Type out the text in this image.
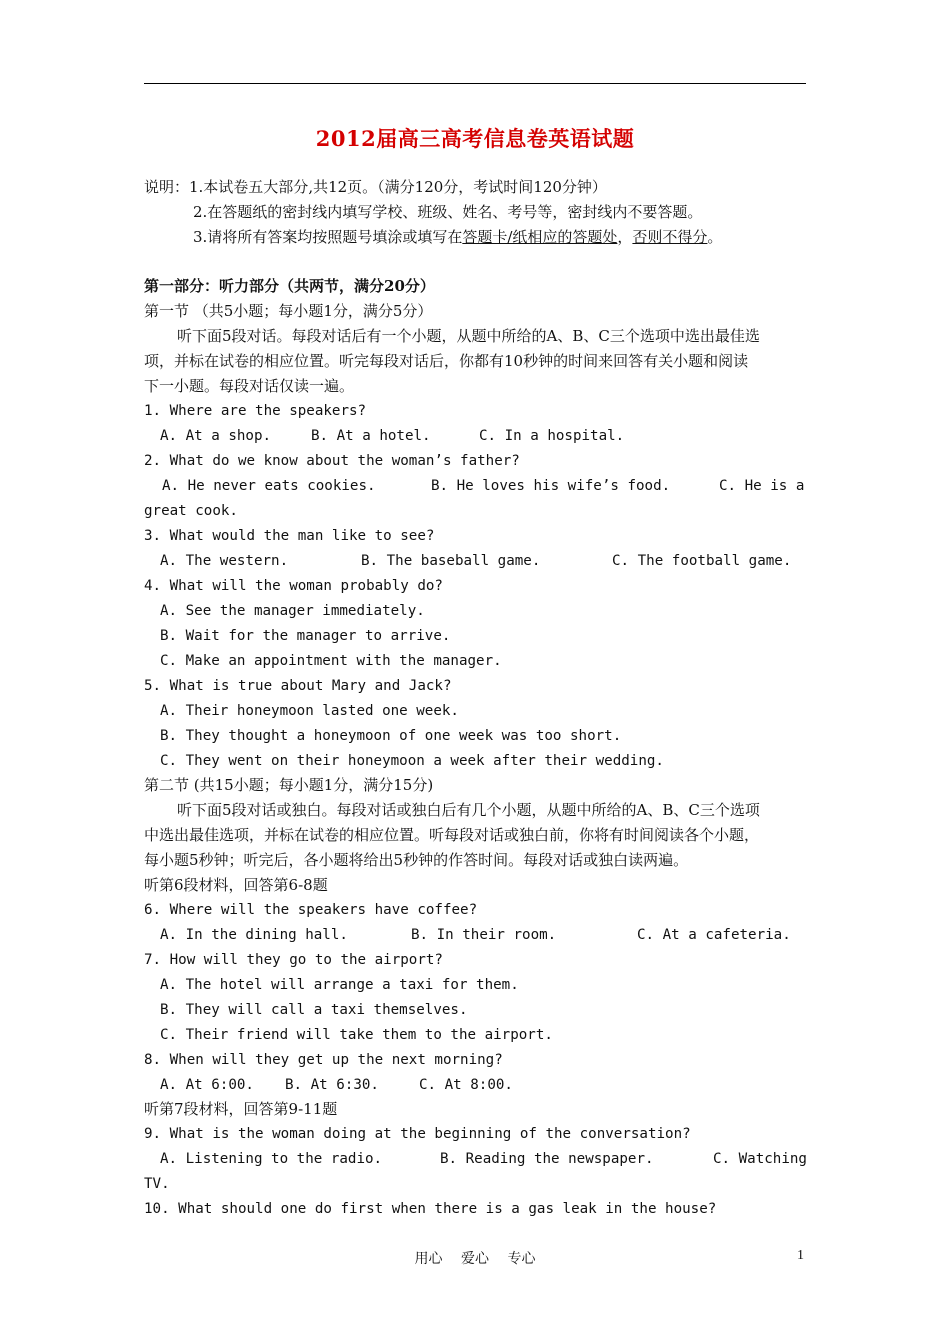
2012届高三高考信息卷英语试题
说明：1.本试卷五大部分,共12页。（满分120分，考试时间120分钟）
2.在答题纸的密封线内填写学校、班级、姓名、考号等，密封线内不要答题。
3.请将所有答案均按照题号填涂或填写在答题卡/纸相应的答题处，否则不得分。
第一部分：听力部分（共两节，满分20分）
第一节 （共5小题；每小题1分，满分5分）
听下面5段对话。每段对话后有一个小题，从题中所给的A、B、C三个选项中选出最佳选
项，并标在试卷的相应位置。听完每段对话后，你都有10秒钟的时间来回答有关小题和阅读
下一小题。每段对话仅读一遍。
1. Where are the speakers?
A. At a shop.	B. At a hotel.	C. In a hospital.
2. What do we know about the woman’s father?
A. He never eats cookies.	B. He loves his wife’s food.	C. He is a
great cook.
3. What would the man like to see?
A. The western.	B. The baseball game.	C. The football game.
4. What will the woman probably do?
A. See the manager immediately.
B. Wait for the manager to arrive.
C. Make an appointment with the manager.
5. What is true about Mary and Jack?
A. Their honeymoon lasted one week.
B. They thought a honeymoon of one week was too short.
C. They went on their honeymoon a week after their wedding.
第二节 (共15小题；每小题1分，满分15分)
听下面5段对话或独白。每段对话或独白后有几个小题，从题中所给的A、B、C三个选项
中选出最佳选项，并标在试卷的相应位置。听每段对话或独白前，你将有时间阅读各个小题，
每小题5秒钟；听完后，各小题将给出5秒钟的作答时间。每段对话或独白读两遍。
听第6段材料，回答第6-8题
6. Where will the speakers have coffee?
A. In the dining hall.	B. In their room.	C. At a cafeteria.
7. How will they go to the airport?
A. The hotel will arrange a taxi for them.
B. They will call a taxi themselves.
C. Their friend will take them to the airport.
8. When will they get up the next morning?
A. At 6:00. B. At 6:30.	C. At 8:00.
听第7段材料，回答第9-11题
9. What is the woman doing at the beginning of the conversation?
A. Listening to the radio.	B. Reading the newspaper.	C. Watching
TV.
10. What should one do first when there is a gas leak in the house?
用心　 爱心　 专心	1
